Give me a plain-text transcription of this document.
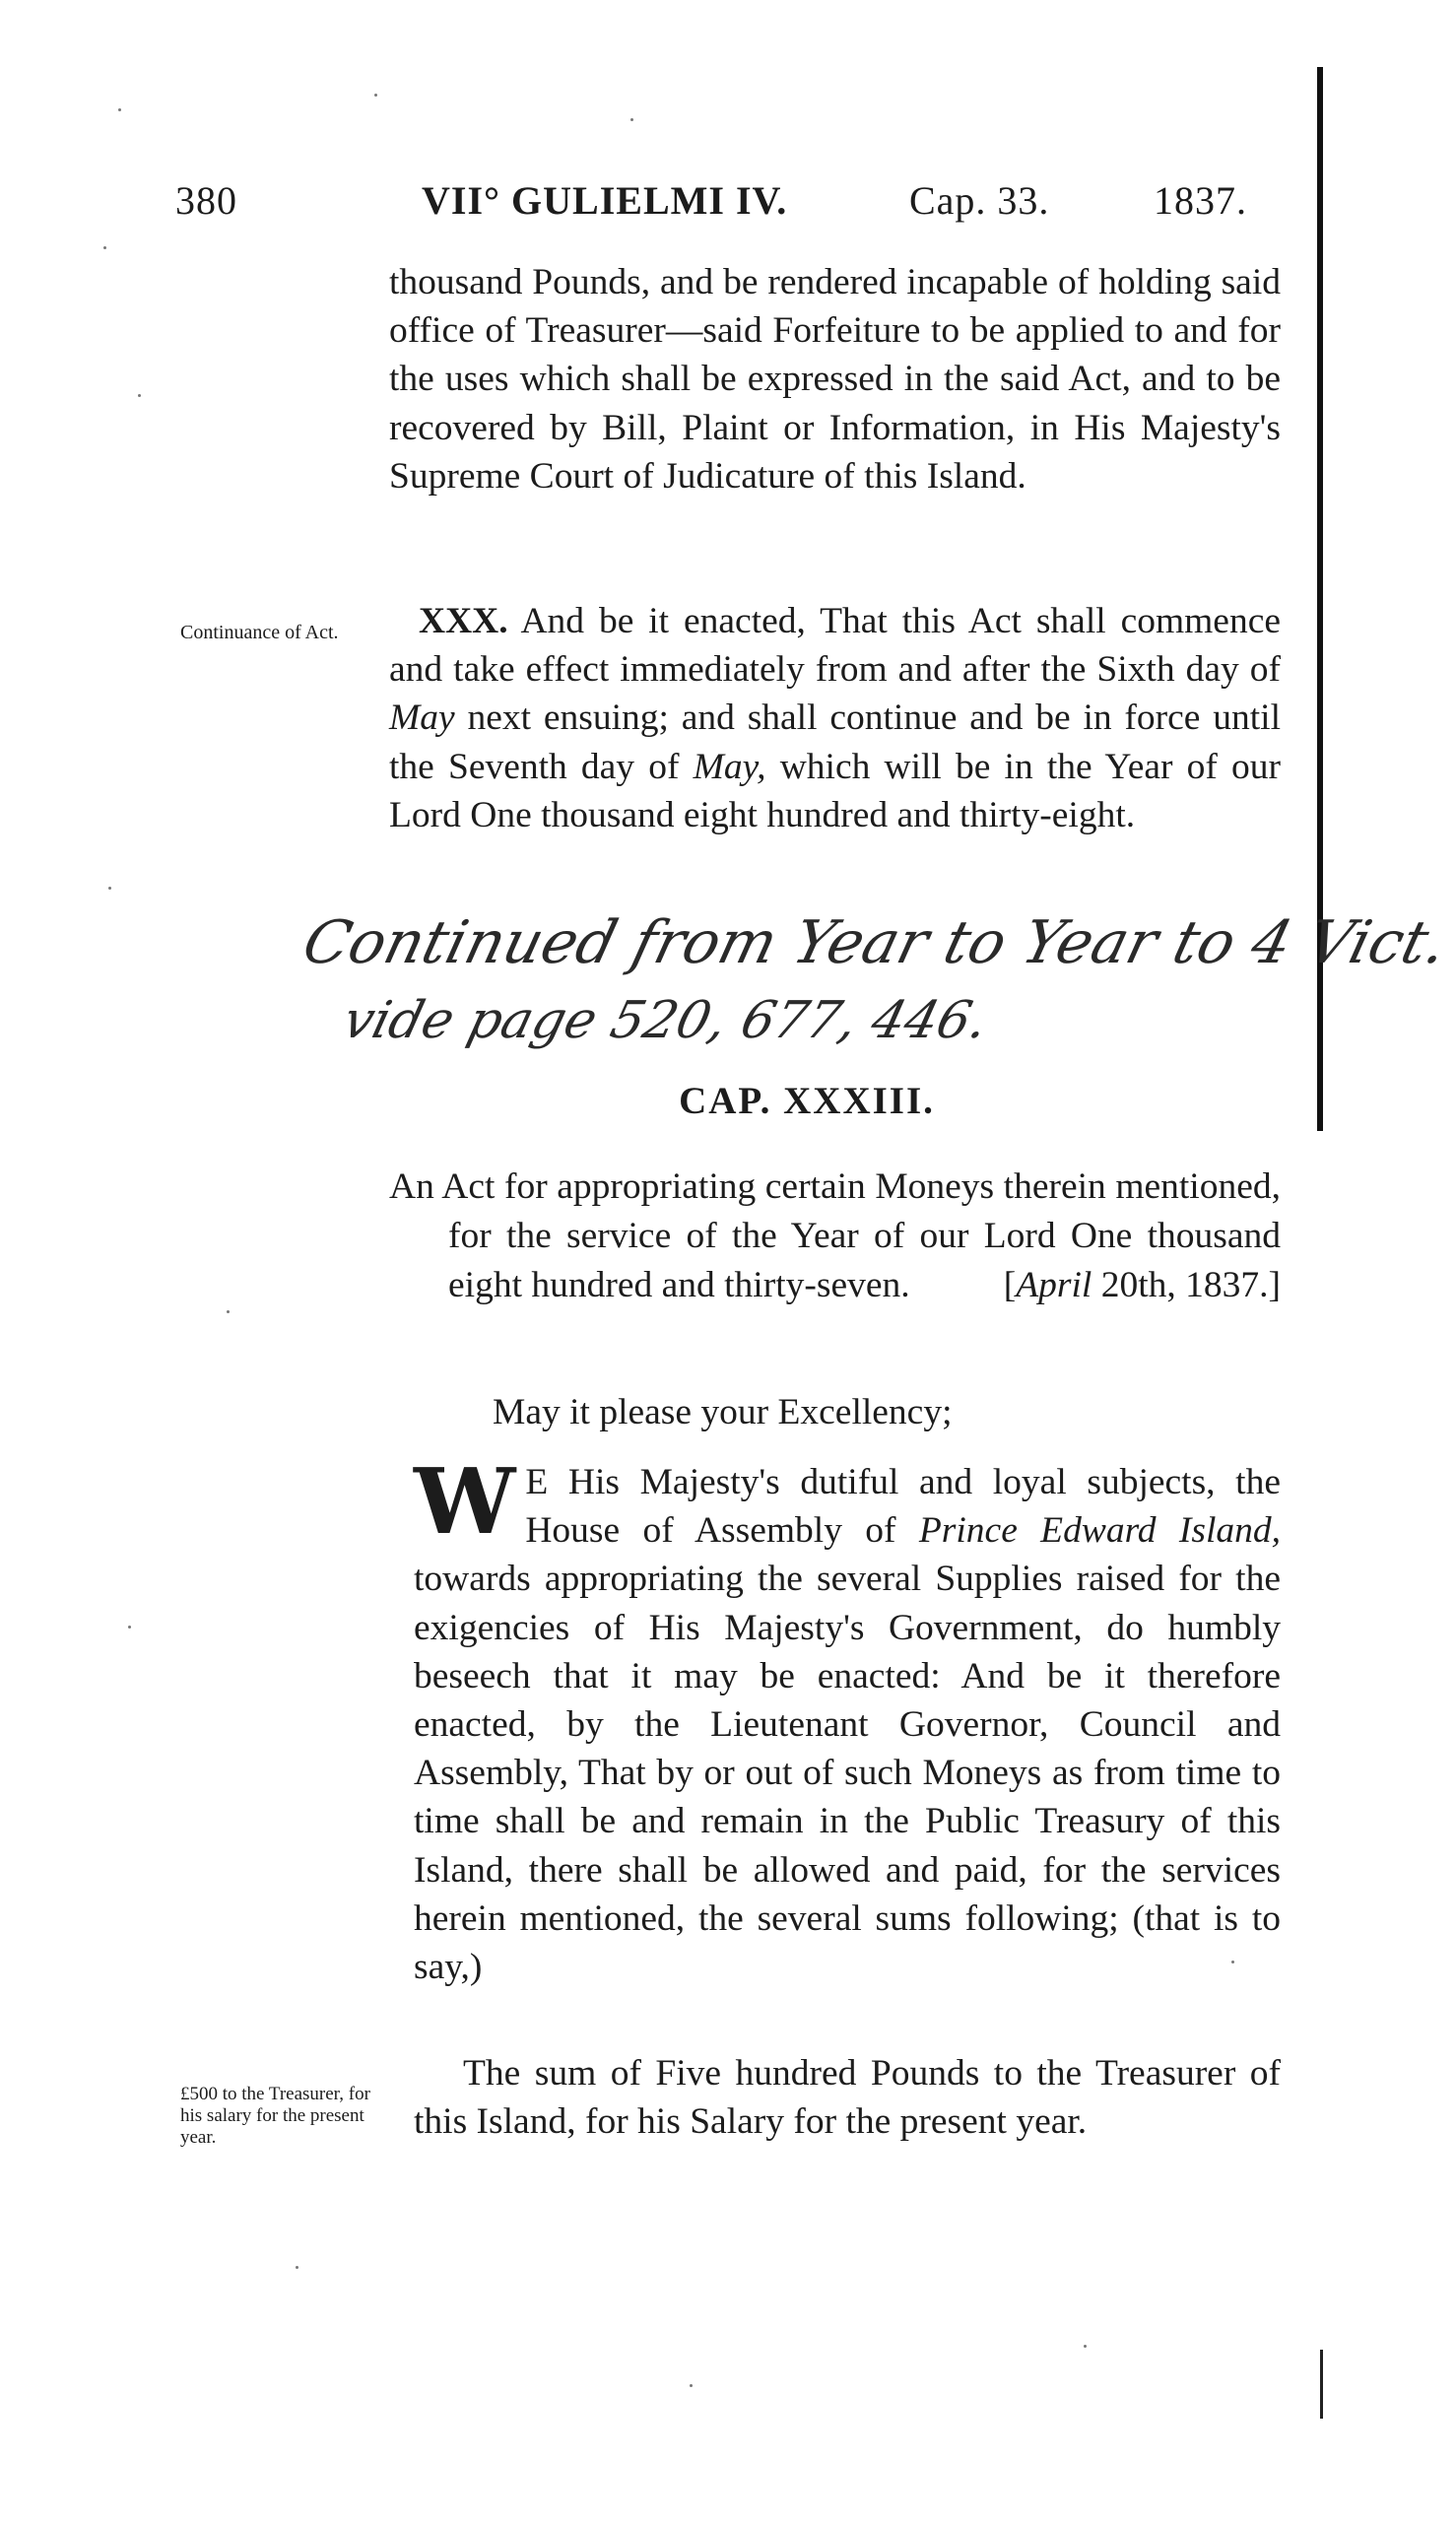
380	VII° GULIELMI IV.	Cap. 33.	1837.

thousand Pounds, and be rendered incapable of holding said office of Treasurer—said Forfeiture to be applied to and for the uses which shall be expressed in the said Act, and to be recovered by Bill, Plaint or Information, in His Majesty's Supreme Court of Judicature of this Island.

Continuance of Act.	XXX. And be it enacted, That this Act shall commence and take effect immediately from and after the Sixth day of May next ensuing; and shall continue and be in force until the Seventh day of May, which will be in the Year of our Lord One thousand eight hundred and thirty-eight.

Continued from Year to Year to 4 Vict.
vide page 520, 677, 446.
CAP. XXXIII.

An Act for appropriating certain Moneys therein mentioned, for the service of the Year of our Lord One thousand eight hundred and thirty-seven.	[April 20th, 1837.]

May it please your Excellency;

W E His Majesty's dutiful and loyal subjects, the House of Assembly of Prince Edward Island, towards appropriating the several Supplies raised for the exigencies of His Majesty's Government, do humbly beseech that it may be enacted: And be it therefore enacted, by the Lieutenant Governor, Council and Assembly, That by or out of such Moneys as from time to time shall be and remain in the Public Treasury of this Island, there shall be allowed and paid, for the services herein mentioned, the several sums following; (that is to say,)

£500 to the Treasurer, for his salary for the present year.

The sum of Five hundred Pounds to the Treasurer of this Island, for his Salary for the present year.
